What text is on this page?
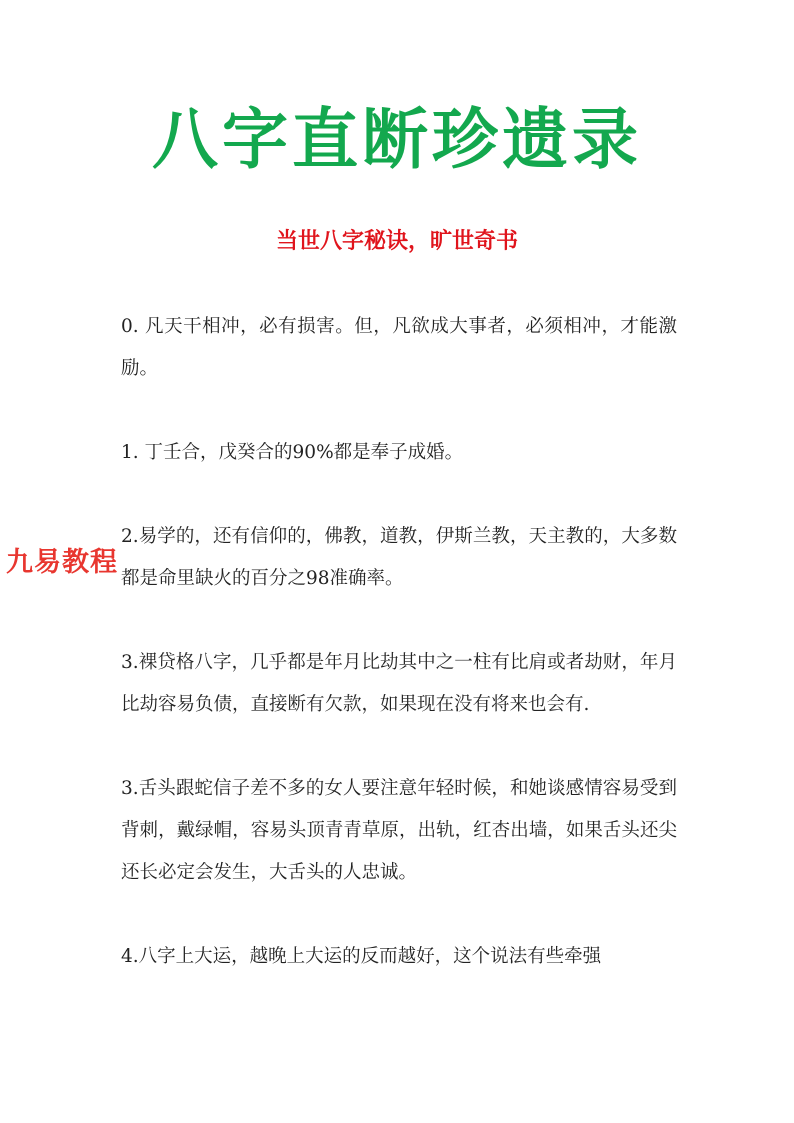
八字直断珍遗录
当世八字秘诀，旷世奇书

0. 凡天干相冲，必有损害。但，凡欲成大事者，必须相冲，才能激励。

1. 丁壬合，戊癸合的90%都是奉子成婚。

2.易学的，还有信仰的，佛教，道教，伊斯兰教，天主教的，大多数都是命里缺火的百分之98准确率。

3.裸贷格八字，几乎都是年月比劫其中之一柱有比肩或者劫财，年月比劫容易负债，直接断有欠款，如果现在没有将来也会有.

3.舌头跟蛇信子差不多的女人要注意年轻时候，和她谈感情容易受到背刺，戴绿帽，容易头顶青青草原，出轨，红杏出墙，如果舌头还尖还长必定会发生，大舌头的人忠诚。

4.八字上大运，越晚上大运的反而越好，这个说法有些牵强

九易教程
